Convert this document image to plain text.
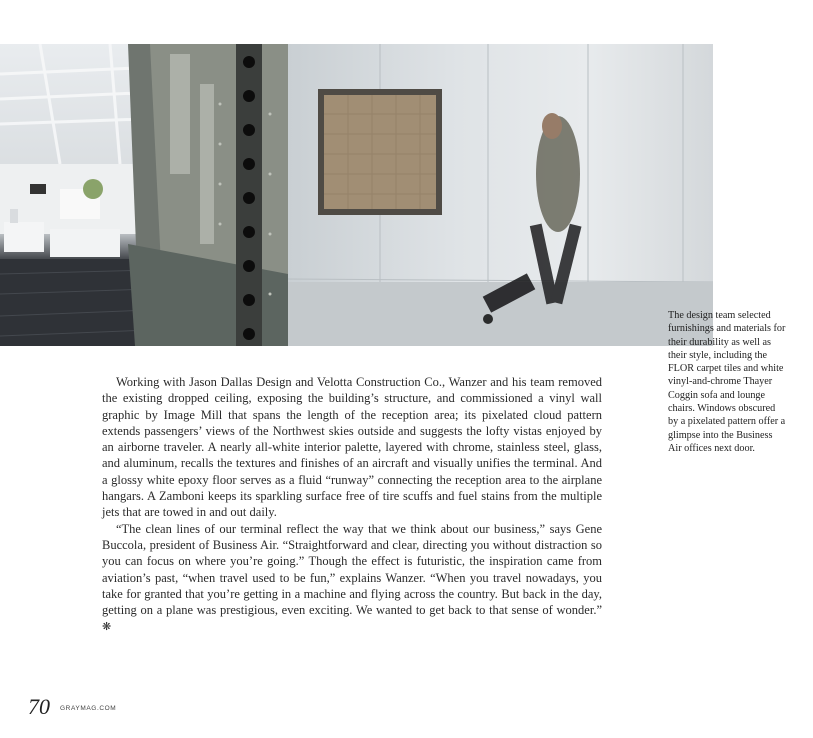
The design team selected furnishings and materials for their durability as well as their style, including the FLOR carpet tiles and white vinyl-and-chrome Thayer Coggin sofa and lounge chairs. Windows obscured by a pixelated pattern offer a glimpse into the Business Air offices next door.

Working with Jason Dallas Design and Velotta Construction Co., Wanzer and his team removed the existing dropped ceiling, exposing the building’s structure, and commissioned a vinyl wall graphic by Image Mill that spans the length of the reception area; its pixelated cloud pattern extends passengers’ views of the Northwest skies outside and suggests the lofty vistas enjoyed by an airborne traveler. A nearly all-white interior palette, layered with chrome, stainless steel, glass, and aluminum, recalls the textures and finishes of an aircraft and visually unifies the terminal. And a glossy white epoxy floor serves as a fluid “runway” connecting the reception area to the airplane hangars. A Zamboni keeps its sparkling surface free of tire scuffs and fuel stains from the multiple jets that are towed in and out daily.

“The clean lines of our terminal reflect the way that we think about our business,” says Gene Buccola, president of Business Air. “Straightforward and clear, directing you without distraction so you can focus on where you’re going.” Though the effect is futuristic, the inspiration came from aviation’s past, “when travel used to be fun,” explains Wanzer. “When you travel nowadays, you take for granted that you’re getting in a machine and flying across the country. But back in the day, getting on a plane was prestigious, even exciting. We wanted to get back to that sense of wonder.” ❋

70 GRAYMAG.COM
